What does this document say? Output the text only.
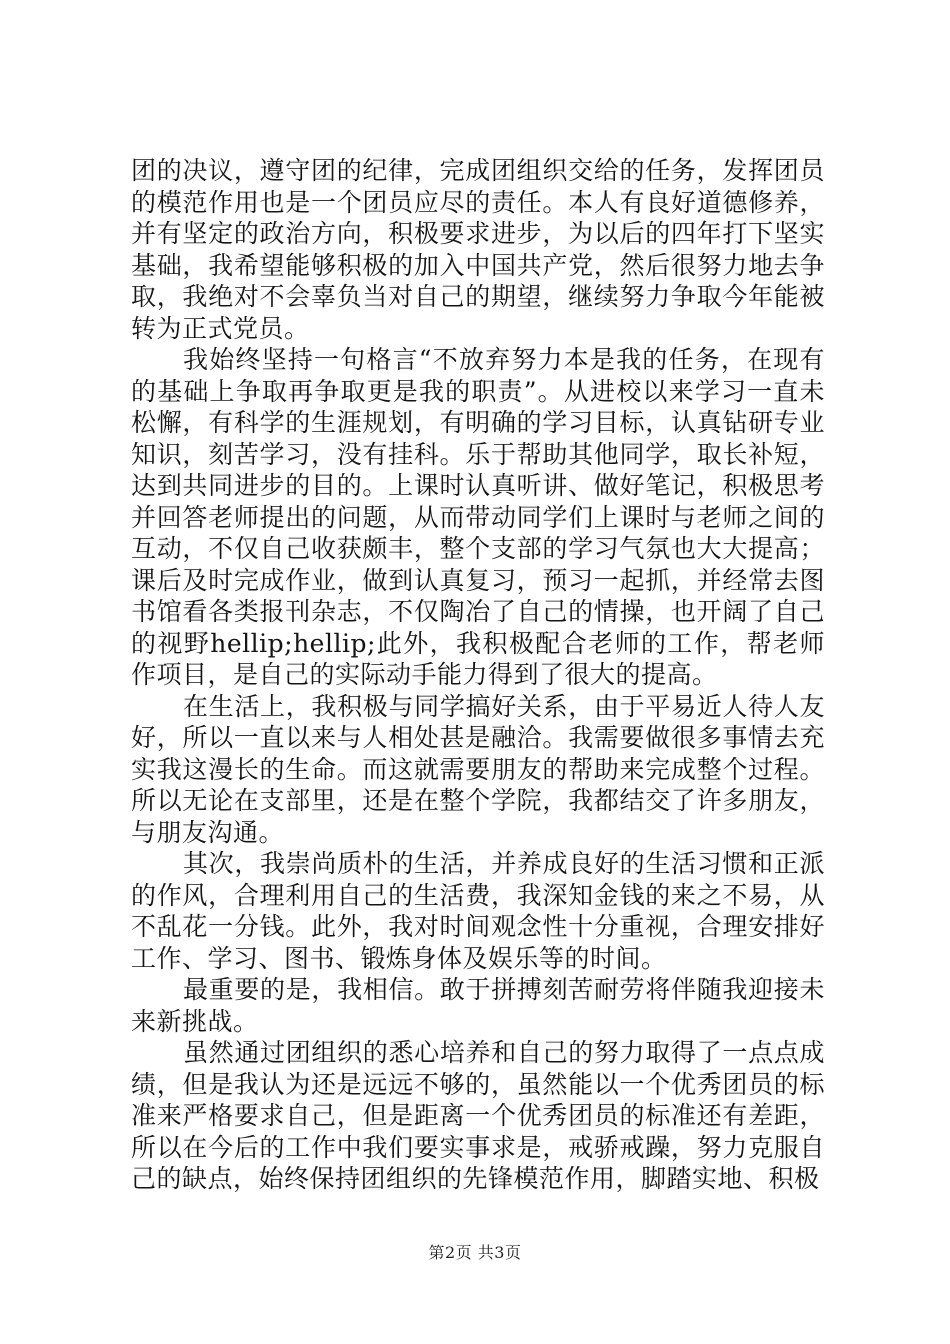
团的决议，遵守团的纪律，完成团组织交给的任务，发挥团员的模范作用也是一个团员应尽的责任。本人有良好道德修养，并有坚定的政治方向，积极要求进步，为以后的四年打下坚实基础，我希望能够积极的加入中国共产党，然后很努力地去争取，我绝对不会辜负当对自己的期望，继续努力争取今年能被转为正式党员。

我始终坚持一句格言“不放弃努力本是我的任务，在现有的基础上争取再争取更是我的职责”。从进校以来学习一直未松懈，有科学的生涯规划，有明确的学习目标，认真钻研专业知识，刻苦学习，没有挂科。乐于帮助其他同学，取长补短，达到共同进步的目的。上课时认真听讲、做好笔记，积极思考并回答老师提出的问题，从而带动同学们上课时与老师之间的互动，不仅自己收获颇丰，整个支部的学习气氛也大大提高；课后及时完成作业，做到认真复习，预习一起抓，并经常去图书馆看各类报刊杂志，不仅陶冶了自己的情操，也开阔了自己的视野hellip;hellip;此外，我积极配合老师的工作，帮老师作项目，是自己的实际动手能力得到了很大的提高。

在生活上，我积极与同学搞好关系，由于平易近人待人友好，所以一直以来与人相处甚是融洽。我需要做很多事情去充实我这漫长的生命。而这就需要朋友的帮助来完成整个过程。所以无论在支部里，还是在整个学院，我都结交了许多朋友，与朋友沟通。

其次，我崇尚质朴的生活，并养成良好的生活习惯和正派的作风，合理利用自己的生活费，我深知金钱的来之不易，从不乱花一分钱。此外，我对时间观念性十分重视，合理安排好工作、学习、图书、锻炼身体及娱乐等的时间。

最重要的是，我相信。敢于拼搏刻苦耐劳将伴随我迎接未来新挑战。

虽然通过团组织的悉心培养和自己的努力取得了一点点成绩，但是我认为还是远远不够的，虽然能以一个优秀团员的标准来严格要求自己，但是距离一个优秀团员的标准还有差距，所以在今后的工作中我们要实事求是，戒骄戒躁，努力克服自己的缺点，始终保持团组织的先锋模范作用，脚踏实地、积极

第2页 共3页
